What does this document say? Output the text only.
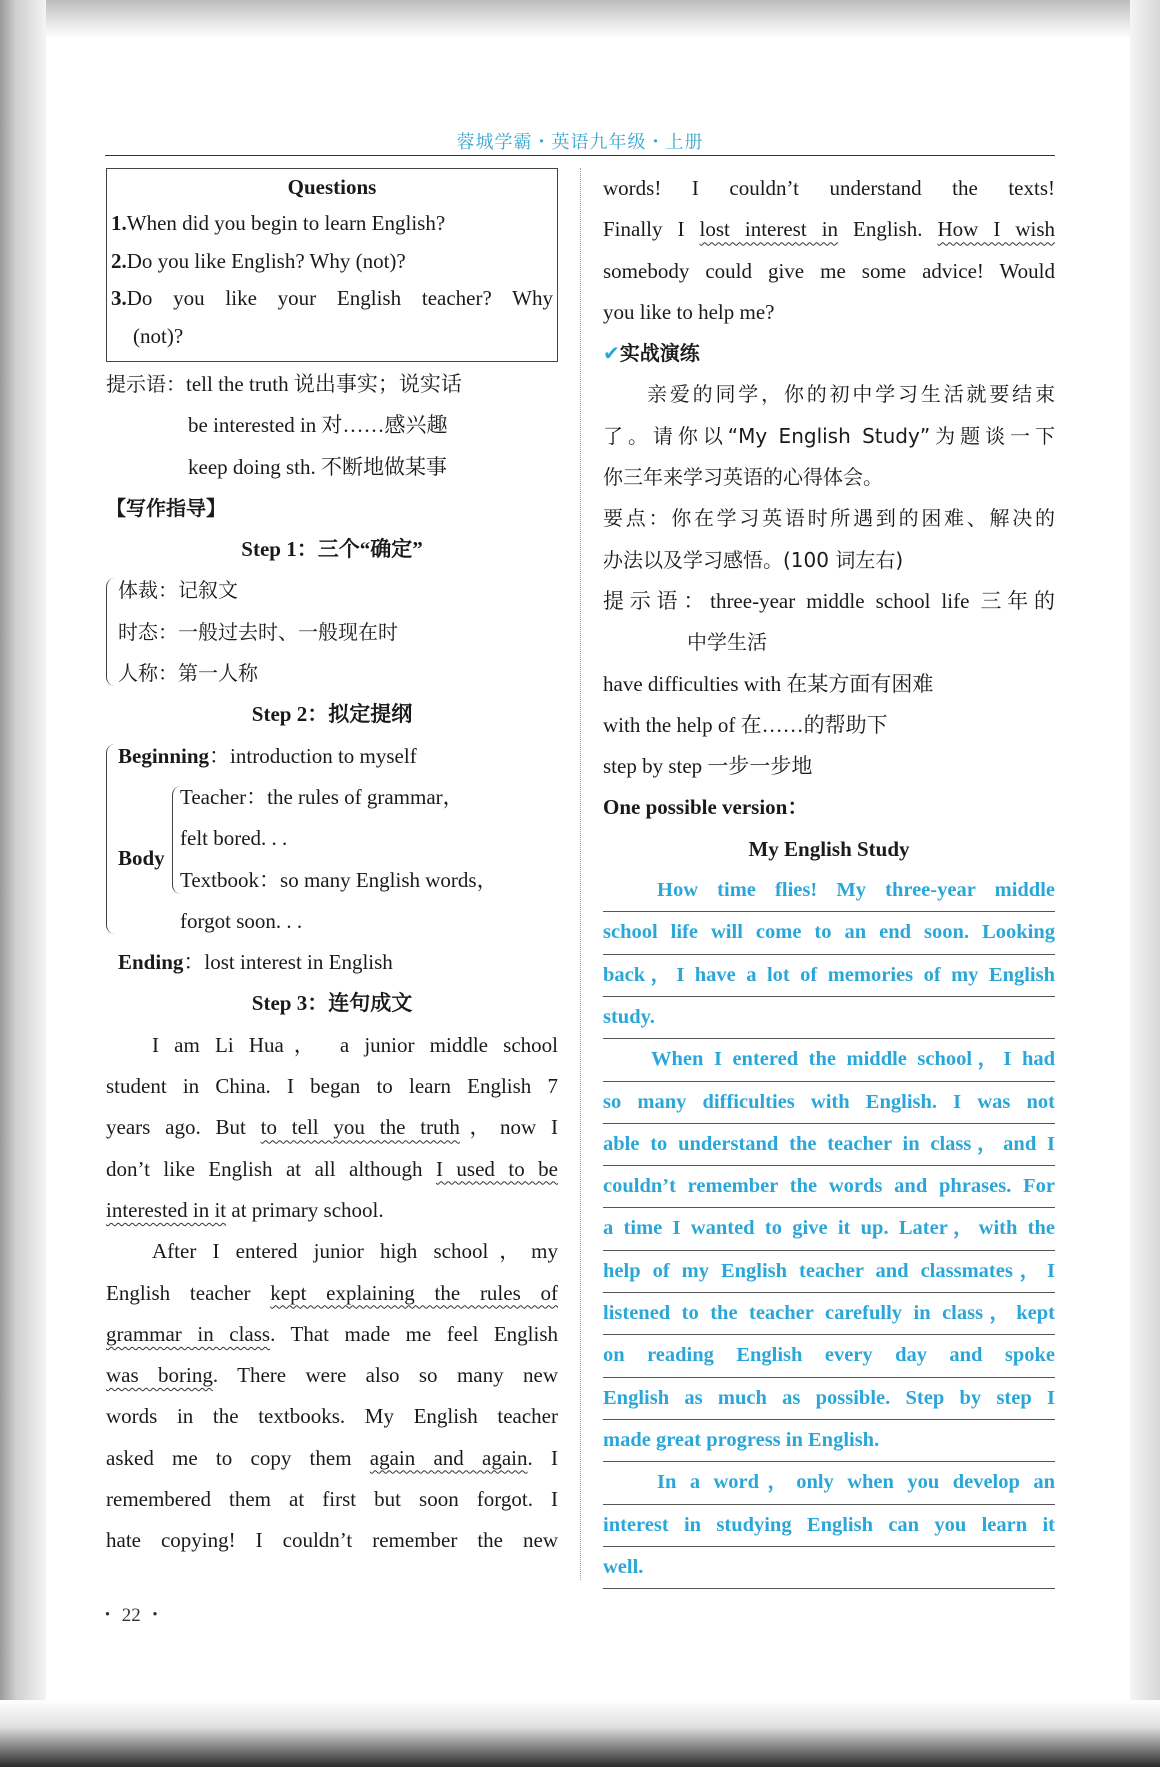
蓉城学霸・英语九年级・上册
Questions
1.When did you begin to learn English?
2.Do you like English? Why (not)?
3.Do you like your English teacher? Why
(not)?
提示语：tell the truth 说出事实；说实话
be interested in 对……感兴趣
keep doing sth. 不断地做某事
【写作指导】
Step 1：三个“确定”
体裁：记叙文
时态：一般过去时、一般现在时
人称：第一人称
Step 2：拟定提纲
Beginning：introduction to myself
Teacher：the rules of grammar，
Body
felt bored. . .
Textbook：so many English words，
forgot soon. . .
Ending：lost interest in English
Step 3：连句成文
I am Li Hua， a junior middle school
student in China. I began to learn English 7
years ago. But to tell you the truth，now I
don’t like English at all although I used to be
interested in it at primary school.
After I entered junior high school，my
English teacher kept explaining the rules of
grammar in class. That made me feel English
was boring. There were also so many new
words in the textbooks. My English teacher
asked me to copy them again and again. I
remembered them at first but soon forgot. I
hate copying! I couldn’t remember the new
words! I couldn’t understand the texts!
Finally I lost interest in English. How I wish
somebody could give me some advice! Would
you like to help me?
✔实战演练
亲爱的同学，你的初中学习生活就要结束
了。请你以“My English Study”为题谈一下
你三年来学习英语的心得体会。
要点：你在学习英语时所遇到的困难、解决的
办法以及学习感悟。(100 词左右)
提示语：three-year middle school life 三年的
中学生活
have difficulties with 在某方面有困难
with the help of 在……的帮助下
step by step 一步一步地
One possible version：
My English Study
How time flies! My three-year middle
school life will come to an end soon. Looking
back，I have a lot of memories of my English
study.
When I entered the middle school，I had
so many difficulties with English. I was not
able to understand the teacher in class，and I
couldn’t remember the words and phrases. For
a time I wanted to give it up. Later，with the
help of my English teacher and classmates，I
listened to the teacher carefully in class，kept
on reading English every day and spoke
English as much as possible. Step by step I
made great progress in English.
In a word，only when you develop an
interest in studying English can you learn it
well.
・ 22 ・
